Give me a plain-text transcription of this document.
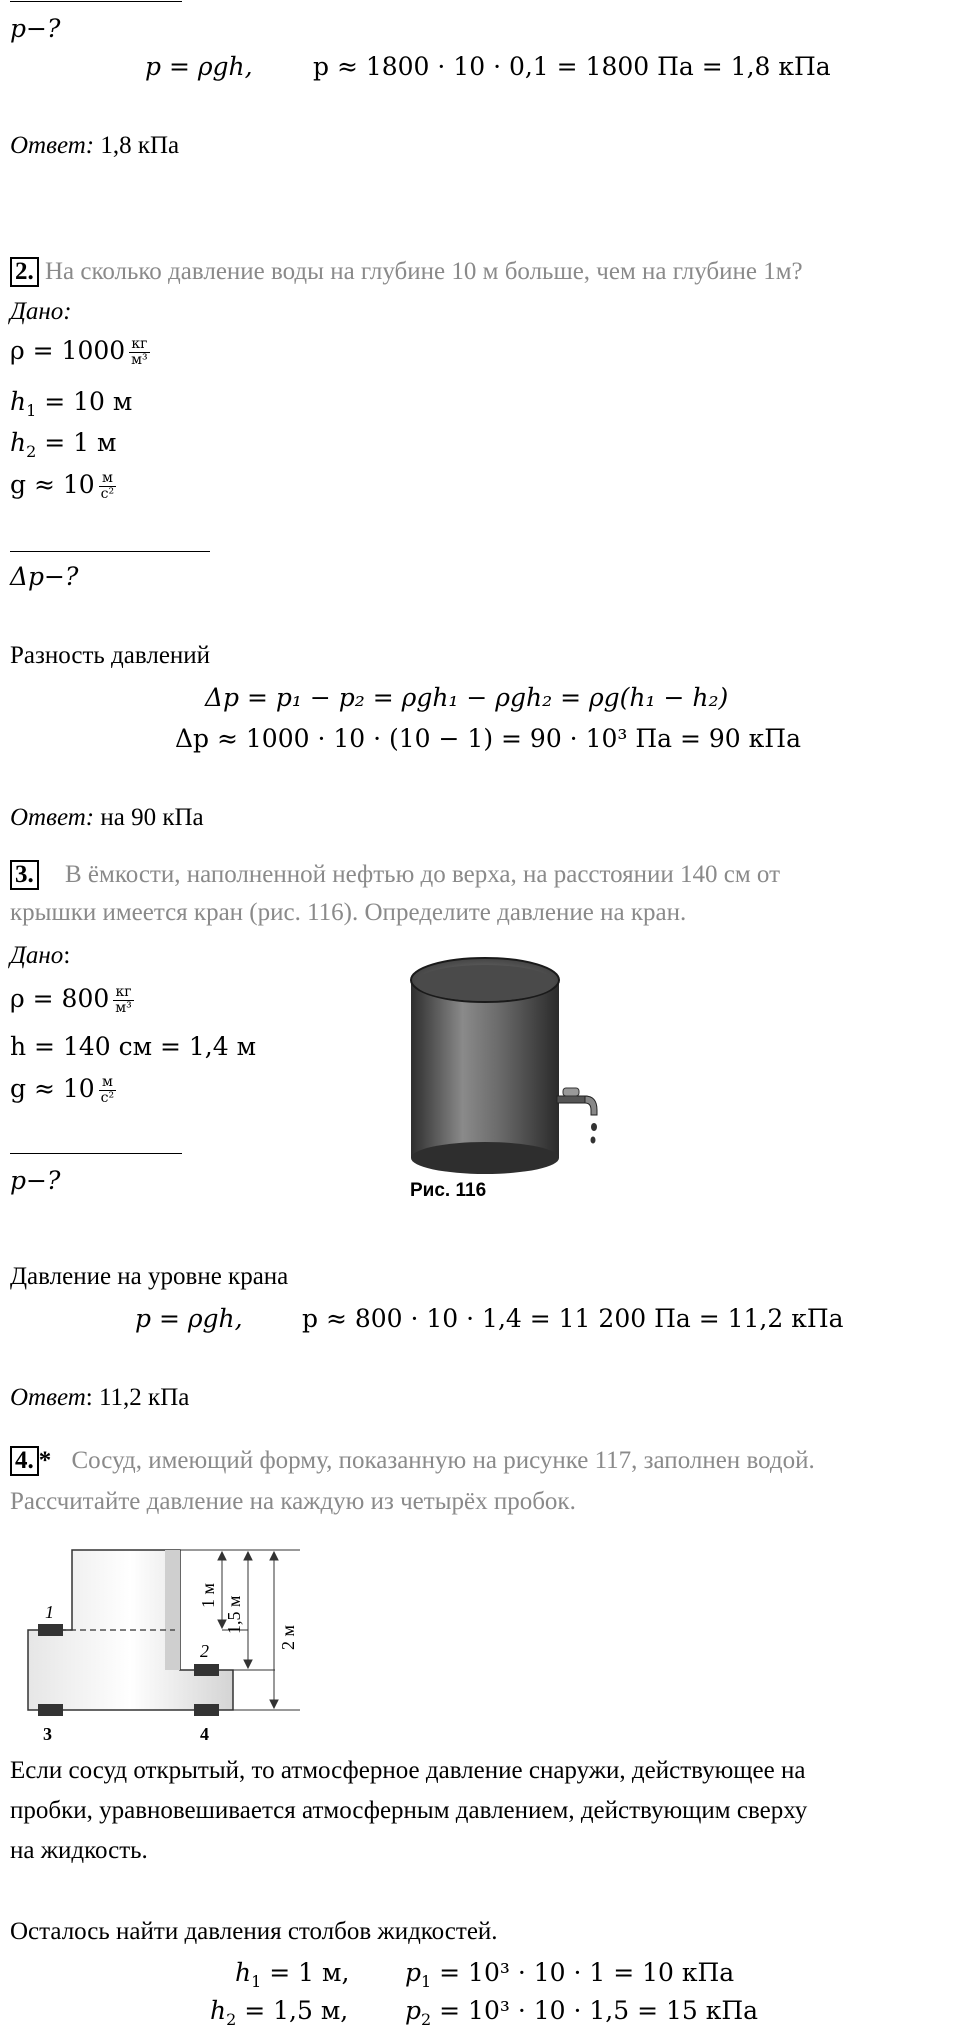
p−?
p = ρgh, p ≈ 1800 · 10 · 0,1 = 1800 Па = 1,8 кПа
Ответ: 1,8 кПа
2. На сколько давление воды на глубине 10 м больше, чем на глубине 1м?
Дано:
$\rho = 1000 \frac{кг}{\text{м³}}$
$h_1 = 10$ м
$h_2 = 1$ м
$g \approx 10 \frac{м}{\text{с²}}$
Δp−?
Разность давлений
Δp = p₁ − p₂ = ρgh₁ − ρgh₂ = ρg(h₁ − h₂)
Δp ≈ 1000 · 10 · (10 − 1) = 90 · 10³ Па = 90 кПа
Ответ: на 90 кПа
3. В ёмкости, наполненной нефтью до верха, на расстоянии 140 см от
крышки имеется кран (рис. 116). Определите давление на кран.
Дано:
$\rho = 800 \frac{кг}{\text{м³}}$
h = 140 см = 1,4 м
$g \approx 10 \frac{м}{\text{с²}}$
p−?	Рис. 116
Давление на уровне крана
p = ρgh, p ≈ 800 · 10 · 1,4 = 11 200 Па = 11,2 кПа
Ответ: 11,2 кПа
4. * Сосуд, имеющий форму, показанную на рисунке 117, заполнен водой.
Рассчитайте давление на каждую из четырёх пробок.
1
2
3	4
1 м
1,5 м
2 м
Если сосуд открытый, то атмосферное давление снаружи, действующее на
пробки, уравновешивается атмосферным давлением, действующим сверху
на жидкость.
Осталось найти давления столбов жидкостей.
$h_1 = 1$ м, $p_1 = 10^3 \cdot 10 \cdot 1 = 10$ кПа
$h_2 = 1,5$ м, $p_2 = 10^3 \cdot 10 \cdot 1,5 = 15$ кПа
